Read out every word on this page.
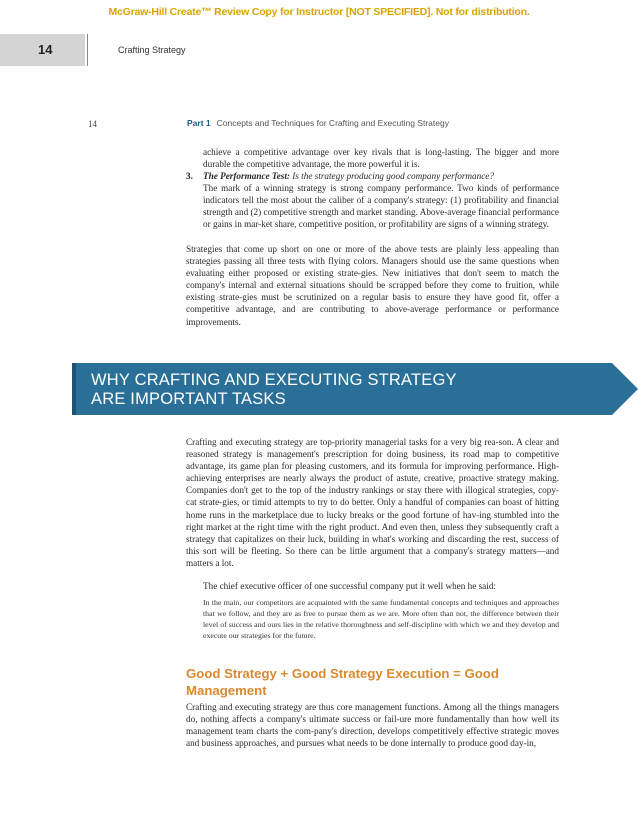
McGraw-Hill Create™ Review Copy for Instructor [NOT SPECIFIED]. Not for distribution.
14	Crafting Strategy
14	Part 1 Concepts and Techniques for Crafting and Executing Strategy
achieve a competitive advantage over key rivals that is long-lasting. The bigger and more durable the competitive advantage, the more powerful it is.
3. The Performance Test: Is the strategy producing good company performance?
The mark of a winning strategy is strong company performance. Two kinds of performance indicators tell the most about the caliber of a company's strategy: (1) profitability and financial strength and (2) competitive strength and market standing. Above-average financial performance or gains in mar-ket share, competitive position, or profitability are signs of a winning strategy.
Strategies that come up short on one or more of the above tests are plainly less appealing than strategies passing all three tests with flying colors. Managers should use the same questions when evaluating either proposed or existing strate-gies. New initiatives that don't seem to match the company's internal and external situations should be scrapped before they come to fruition, while existing strate-gies must be scrutinized on a regular basis to ensure they have good fit, offer a competitive advantage, and are contributing to above-average performance or performance improvements.
WHY CRAFTING AND EXECUTING STRATEGY
ARE IMPORTANT TASKS
Crafting and executing strategy are top-priority managerial tasks for a very big rea-son. A clear and reasoned strategy is management's prescription for doing business, its road map to competitive advantage, its game plan for pleasing customers, and its formula for improving performance. High-achieving enterprises are nearly always the product of astute, creative, proactive strategy making. Companies don't get to the top of the industry rankings or stay there with illogical strategies, copy-cat strate-gies, or timid attempts to try to do better. Only a handful of companies can boast of hitting home runs in the marketplace due to lucky breaks or the good fortune of hav-ing stumbled into the right market at the right time with the right product. And even then, unless they subsequently craft a strategy that capitalizes on their luck, building in what's working and discarding the rest, success of this sort will be fleeting. So there can be little argument that a company's strategy matters—and matters a lot.
The chief executive officer of one successful company put it well when he said:
In the main, our competitors are acquainted with the same fundamental concepts and techniques and approaches that we follow, and they are as free to pursue them as we are. More often than not, the difference between their level of success and ours lies in the relative thoroughness and self-discipline with which we and they develop and execute our strategies for the future.
Good Strategy + Good Strategy Execution = Good Management
Crafting and executing strategy are thus core management functions. Among all the things managers do, nothing affects a company's ultimate success or fail-ure more fundamentally than how well its management team charts the com-pany's direction, develops competitively effective strategic moves and business approaches, and pursues what needs to be done internally to produce good day-in,
